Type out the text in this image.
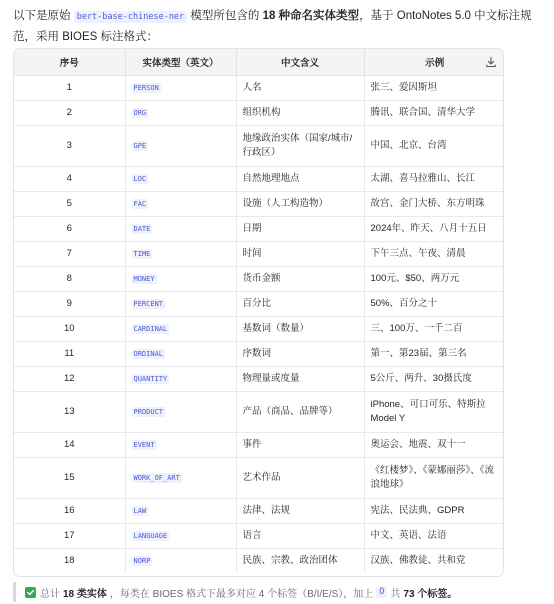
以下是原始 bert-base-chinese-ner 模型所包含的 18 种命名实体类型，基于 OntoNotes 5.0 中文标注规范，采用 BIOES 标注格式：
序号	实体类型（英文）	中文含义	示例

1	PERSON	人名	张三、爱因斯坦
2	ORG	组织机构	腾讯、联合国、清华大学
3	GPE	地缘政治实体（国家/城市/行政区）	中国、北京、台湾
4	LOC	自然地理地点	太湖、喜马拉雅山、长江
5	FAC	设施（人工构造物）	故宫、金门大桥、东方明珠
6	DATE	日期	2024年、昨天、八月十五日
7	TIME	时间	下午三点、午夜、清晨
8	MONEY	货币金额	100元、$50、两万元
9	PERCENT	百分比	50%、百分之十
10	CARDINAL	基数词（数量）	三、100万、一千二百
11	ORDINAL	序数词	第一、第23届、第三名
12	QUANTITY	物理量或度量	5公斤、两升、30摄氏度
13	PRODUCT	产品（商品、品牌等）	iPhone、可口可乐、特斯拉 Model Y
14	EVENT	事件	奥运会、地震、双十一
15	WORK_OF_ART	艺术作品	《红楼梦》、《蒙娜丽莎》、《流浪地球》
16	LAW	法律、法规	宪法、民法典、GDPR
17	LANGUAGE	语言	中文、英语、法语
18	NORP	民族、宗教、政治团体	汉族、佛教徒、共和党
总计 18 类实体 ，每类在 BIOES 格式下最多对应 4 个标签（B/I/E/S），加上 O 共 73 个标签。
